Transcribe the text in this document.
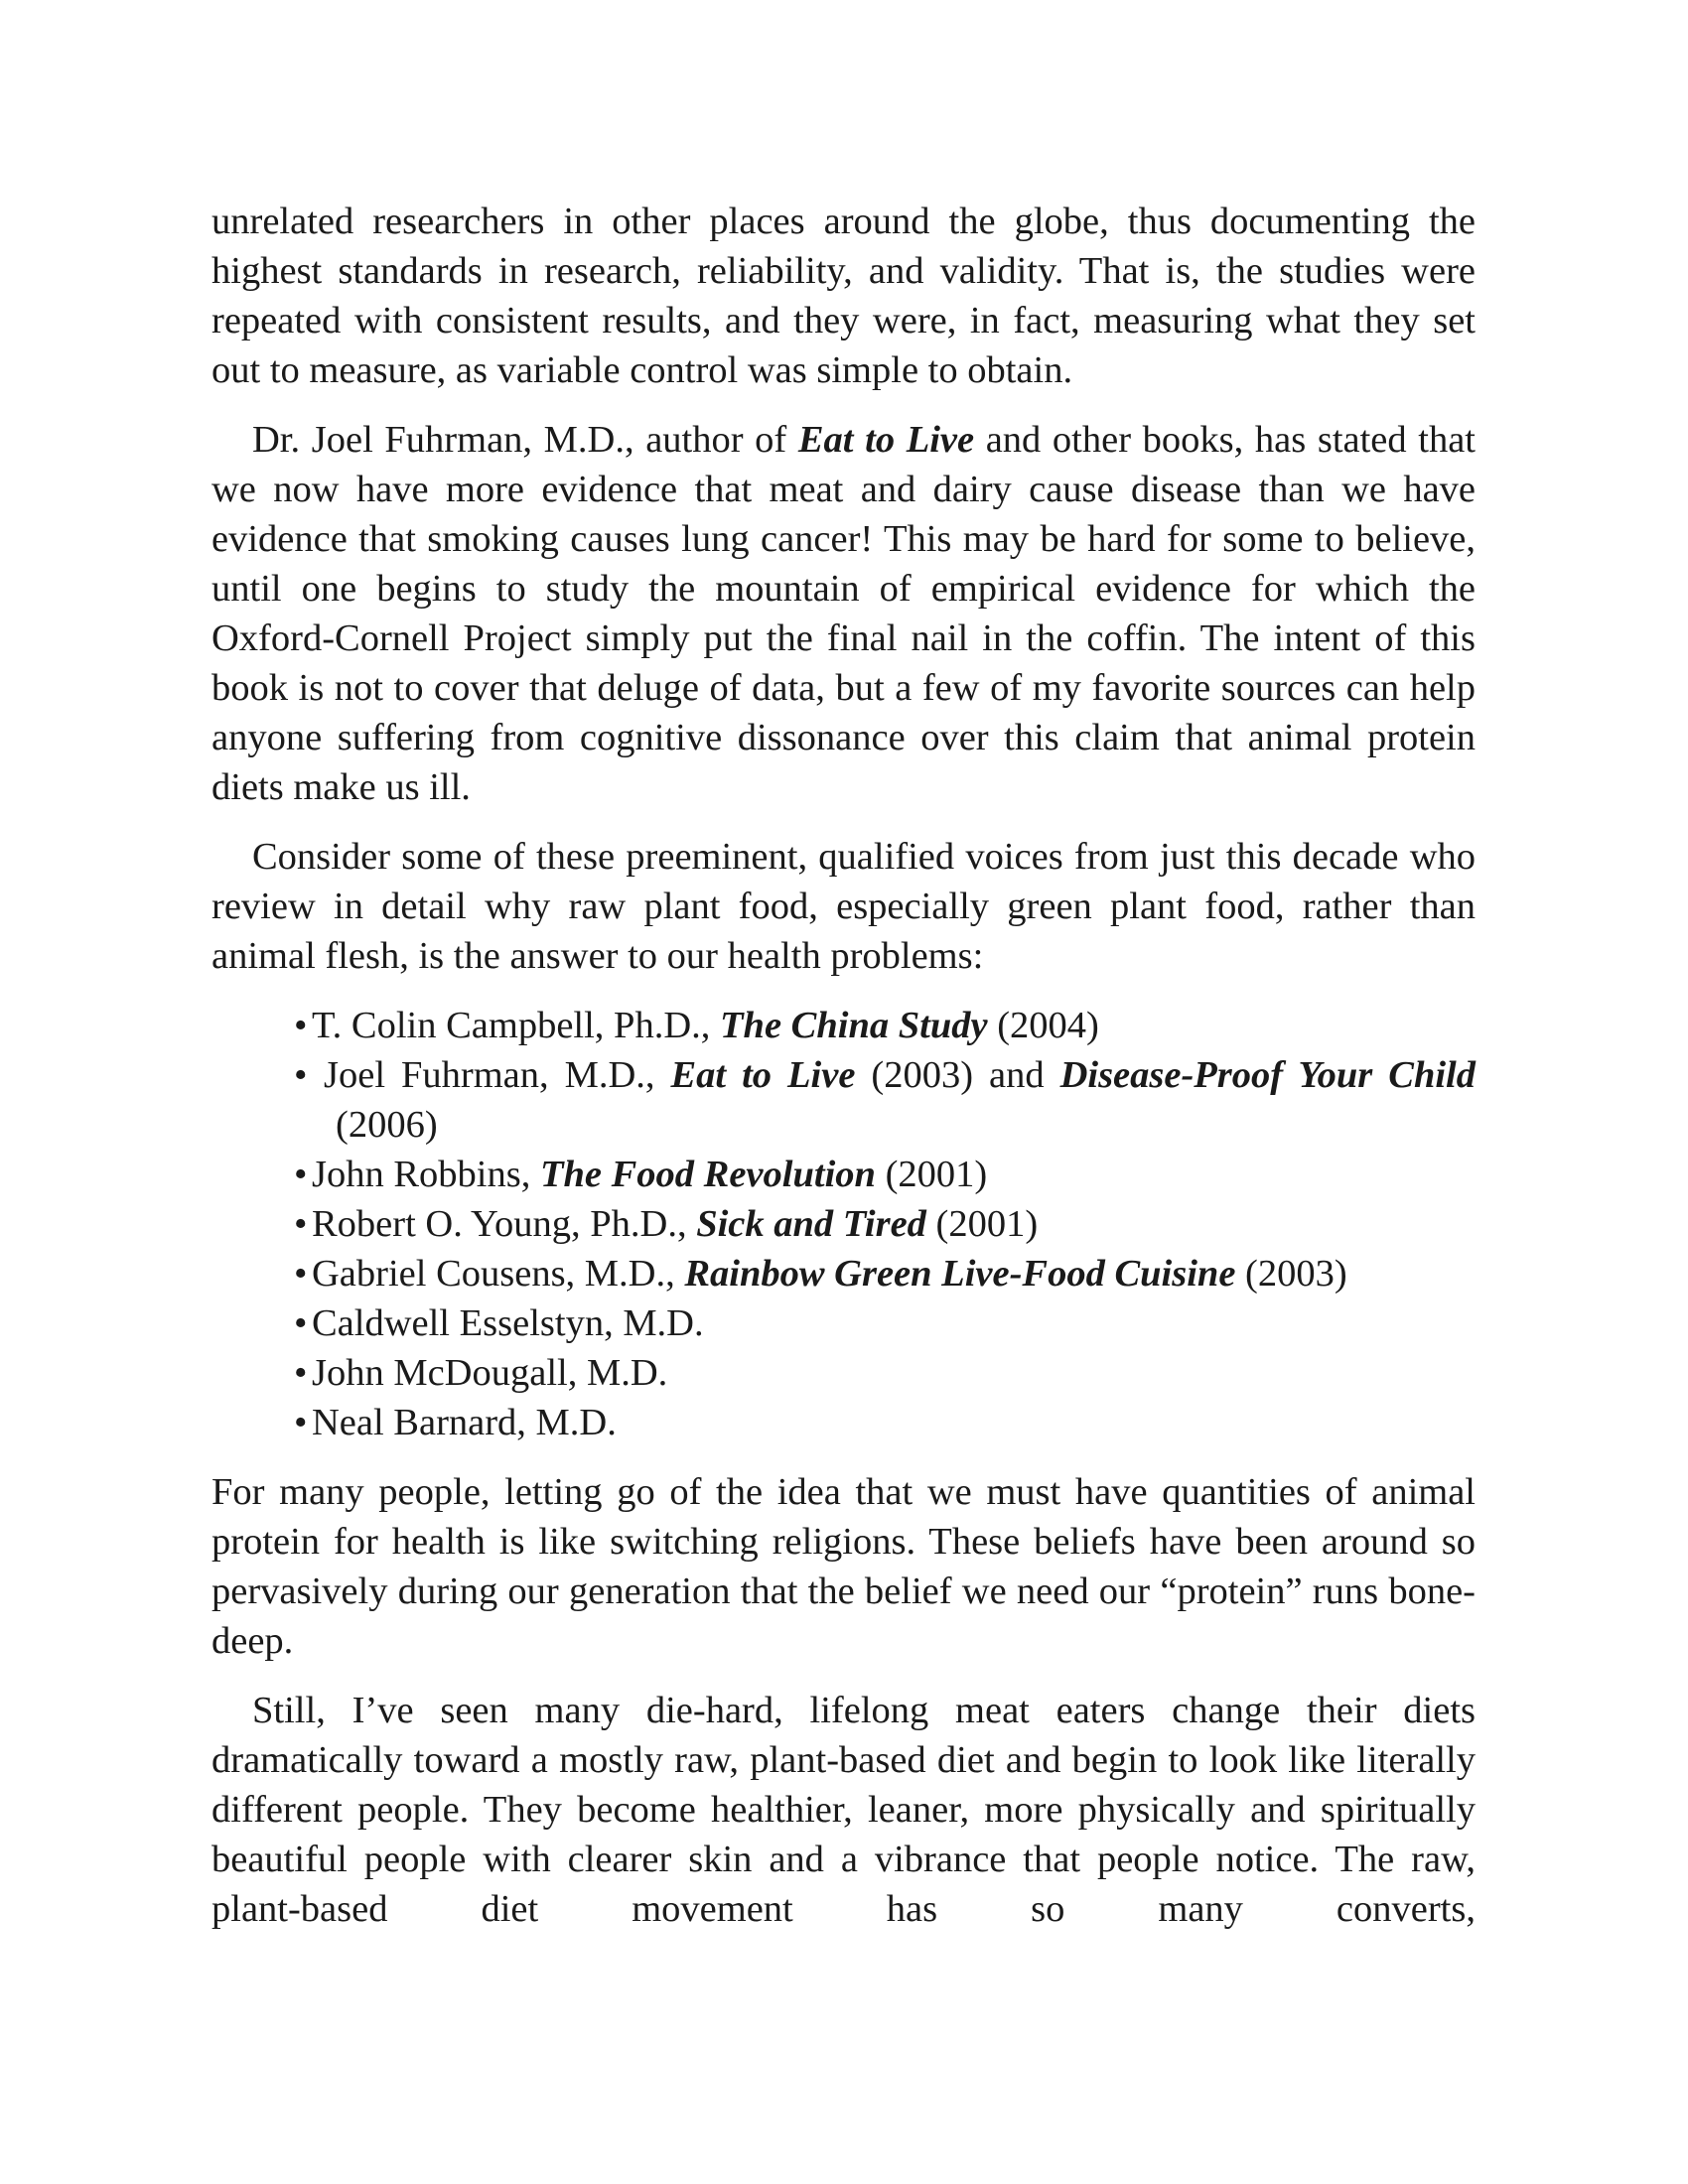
unrelated researchers in other places around the globe, thus documenting the highest standards in research, reliability, and validity. That is, the studies were repeated with consistent results, and they were, in fact, measuring what they set out to measure, as variable control was simple to obtain.

Dr. Joel Fuhrman, M.D., author of Eat to Live and other books, has stated that we now have more evidence that meat and dairy cause disease than we have evidence that smoking causes lung cancer! This may be hard for some to believe, until one begins to study the mountain of empirical evidence for which the Oxford-Cornell Project simply put the final nail in the coffin. The intent of this book is not to cover that deluge of data, but a few of my favorite sources can help anyone suffering from cognitive dissonance over this claim that animal protein diets make us ill.

Consider some of these preeminent, qualified voices from just this decade who review in detail why raw plant food, especially green plant food, rather than animal flesh, is the answer to our health problems:

• T. Colin Campbell, Ph.D., The China Study (2004)
• Joel Fuhrman, M.D., Eat to Live (2003) and Disease-Proof Your Child (2006)
• John Robbins, The Food Revolution (2001)
• Robert O. Young, Ph.D., Sick and Tired (2001)
• Gabriel Cousens, M.D., Rainbow Green Live-Food Cuisine (2003)
• Caldwell Esselstyn, M.D.
• John McDougall, M.D.
• Neal Barnard, M.D.

For many people, letting go of the idea that we must have quantities of animal protein for health is like switching religions. These beliefs have been around so pervasively during our generation that the belief we need our “protein” runs bone-deep.

Still, I’ve seen many die-hard, lifelong meat eaters change their diets dramatically toward a mostly raw, plant-based diet and begin to look like literally different people. They become healthier, leaner, more physically and spiritually beautiful people with clearer skin and a vibrance that people notice. The raw, plant-based diet movement has so many converts,
